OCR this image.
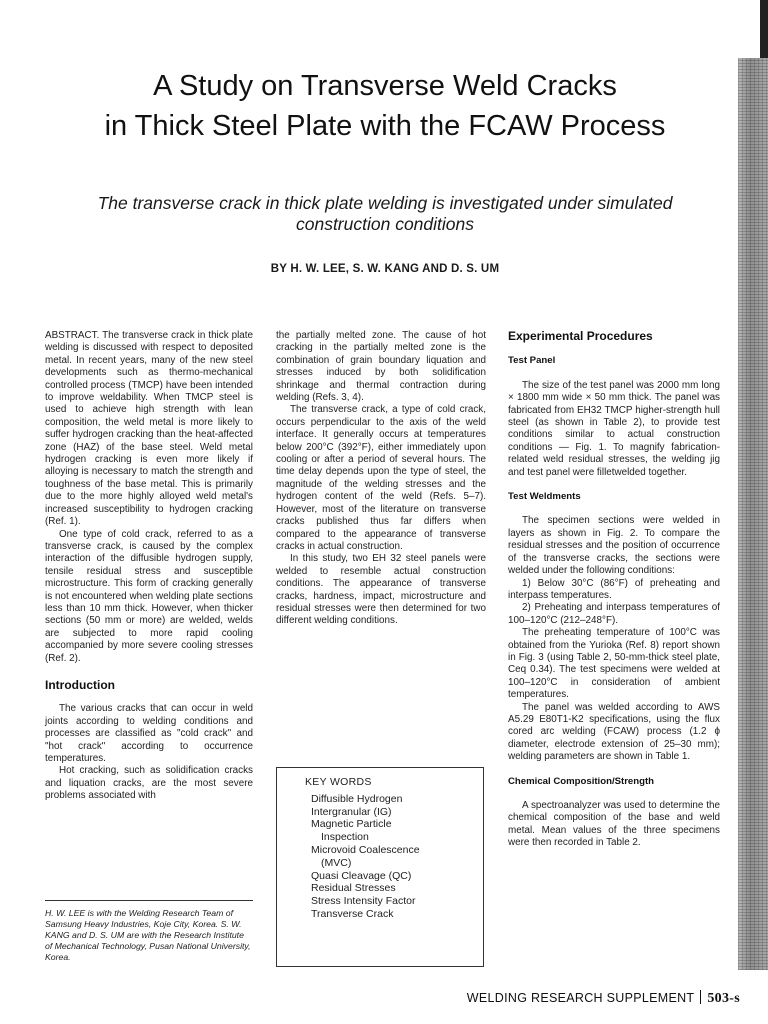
A Study on Transverse Weld Cracks
in Thick Steel Plate with the FCAW Process
The transverse crack in thick plate welding is investigated under simulated
construction conditions
BY H. W. LEE, S. W. KANG AND D. S. UM

ABSTRACT. The transverse crack in thick plate welding is discussed with respect to deposited metal. In recent years, many of the new steel developments such as thermo-mechanical controlled process (TMCP) have been intended to improve weldability. When TMCP steel is used to achieve high strength with lean composition, the weld metal is more likely to suffer hydrogen cracking than the heat-affected zone (HAZ) of the base steel. Weld metal hydrogen cracking is even more likely if alloying is necessary to match the strength and toughness of the base metal. This is primarily due to the more highly alloyed weld metal's increased susceptibility to hydrogen cracking (Ref. 1).

One type of cold crack, referred to as a transverse crack, is caused by the complex interaction of the diffusible hydrogen supply, tensile residual stress and susceptible microstructure. This form of cracking generally is not encountered when welding plate sections less than 10 mm thick. However, when thicker sections (50 mm or more) are welded, welds are subjected to more rapid cooling accompanied by more severe cooling stresses (Ref. 2).

Introduction

The various cracks that can occur in weld joints according to welding conditions and processes are classified as "cold crack" and "hot crack" according to occurrence temperatures.

Hot cracking, such as solidification cracks and liquation cracks, are the most severe problems associated with

H. W. LEE is with the Welding Research Team of Samsung Heavy Industries, Koje City, Korea. S. W. KANG and D. S. UM are with the Research Institute of Mechanical Technology, Pusan National University, Korea.

the partially melted zone. The cause of hot cracking in the partially melted zone is the combination of grain boundary liquation and stresses induced by both solidification shrinkage and thermal contraction during welding (Refs. 3, 4).

The transverse crack, a type of cold crack, occurs perpendicular to the axis of the weld interface. It generally occurs at temperatures below 200°C (392°F), either immediately upon cooling or after a period of several hours. The time delay depends upon the type of steel, the magnitude of the welding stresses and the hydrogen content of the weld (Refs. 5–7). However, most of the literature on transverse cracks published thus far differs when compared to the appearance of transverse cracks in actual construction.

In this study, two EH 32 steel panels were welded to resemble actual construction conditions. The appearance of transverse cracks, hardness, impact, microstructure and residual stresses were then determined for two different welding conditions.

KEY WORDS
Diffusible Hydrogen
Intergranular (IG)
Magnetic Particle
Inspection
Microvoid Coalescence
(MVC)
Quasi Cleavage (QC)
Residual Stresses
Stress Intensity Factor
Transverse Crack

Experimental Procedures

Test Panel

The size of the test panel was 2000 mm long × 1800 mm wide × 50 mm thick. The panel was fabricated from EH32 TMCP higher-strength hull steel (as shown in Table 2), to provide test conditions similar to actual construction conditions — Fig. 1. To magnify fabrication-related weld residual stresses, the welding jig and test panel were filletwelded together.

Test Weldments

The specimen sections were welded in layers as shown in Fig. 2. To compare the residual stresses and the position of occurrence of the transverse cracks, the sections were welded under the following conditions:

1) Below 30°C (86°F) of preheating and interpass temperatures.

2) Preheating and interpass temperatures of 100–120°C (212–248°F).

The preheating temperature of 100°C was obtained from the Yurioka (Ref. 8) report shown in Fig. 3 (using Table 2, 50-mm-thick steel plate, Ceq 0.34). The test specimens were welded at 100–120°C in consideration of ambient temperatures.

The panel was welded according to AWS A5.29 E80T1-K2 specifications, using the flux cored arc welding (FCAW) process (1.2 ϕ diameter, electrode extension of 25–30 mm); welding parameters are shown in Table 1.

Chemical Composition/Strength

A spectroanalyzer was used to determine the chemical composition of the base and weld metal. Mean values of the three specimens were then recorded in Table 2.

WELDING RESEARCH SUPPLEMENT 503-s
